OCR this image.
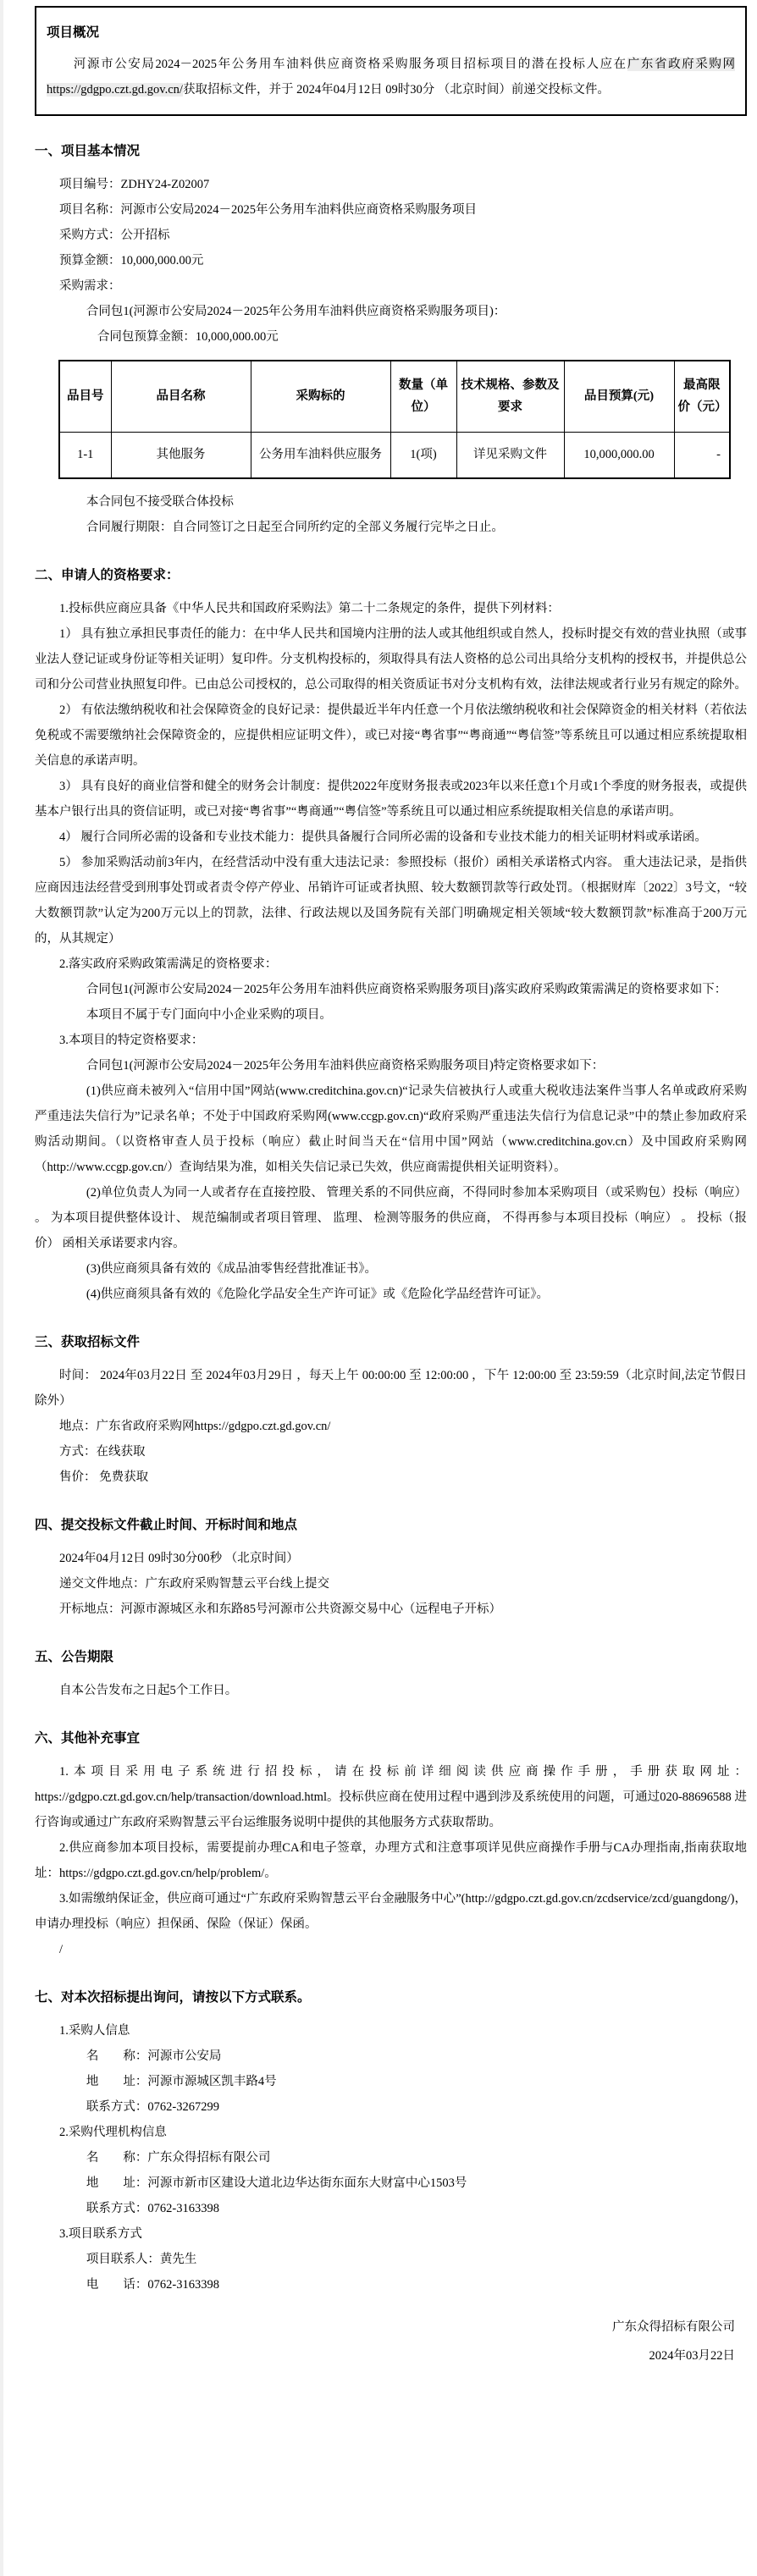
项目概况

河源市公安局2024－2025年公务用车油料供应商资格采购服务项目招标项目的潜在投标人应在广东省政府采购网https://gdgpo.czt.gd.gov.cn/获取招标文件，并于 2024年04月12日 09时30分 （北京时间）前递交投标文件。

一、项目基本情况

项目编号：ZDHY24-Z02007

项目名称：河源市公安局2024－2025年公务用车油料供应商资格采购服务项目

采购方式：公开招标

预算金额：10,000,000.00元

采购需求：

合同包1(河源市公安局2024－2025年公务用车油料供应商资格采购服务项目)：

合同包预算金额：10,000,000.00元

品目号	品目名称	采购标的	数量（单位）	技术规格、参数及要求	品目预算(元)	最高限价（元）
1-1	其他服务	公务用车油料供应服务	1(项)	详见采购文件	10,000,000.00	-

本合同包不接受联合体投标

合同履行期限：自合同签订之日起至合同所约定的全部义务履行完毕之日止。

二、申请人的资格要求：

1.投标供应商应具备《中华人民共和国政府采购法》第二十二条规定的条件，提供下列材料：

1） 具有独立承担民事责任的能力：在中华人民共和国境内注册的法人或其他组织或自然人，投标时提交有效的营业执照（或事业法人登记证或身份证等相关证明）复印件。分支机构投标的，须取得具有法人资格的总公司出具给分支机构的授权书，并提供总公司和分公司营业执照复印件。已由总公司授权的，总公司取得的相关资质证书对分支机构有效，法律法规或者行业另有规定的除外。

2） 有依法缴纳税收和社会保障资金的良好记录：提供最近半年内任意一个月依法缴纳税收和社会保障资金的相关材料（若依法免税或不需要缴纳社会保障资金的，应提供相应证明文件），或已对接“粤省事”“粤商通”“粤信签”等系统且可以通过相应系统提取相关信息的承诺声明。

3） 具有良好的商业信誉和健全的财务会计制度：提供2022年度财务报表或2023年以来任意1个月或1个季度的财务报表，或提供基本户银行出具的资信证明，或已对接“粤省事”“粤商通”“粤信签”等系统且可以通过相应系统提取相关信息的承诺声明。

4） 履行合同所必需的设备和专业技术能力：提供具备履行合同所必需的设备和专业技术能力的相关证明材料或承诺函。

5） 参加采购活动前3年内，在经营活动中没有重大违法记录：参照投标（报价）函相关承诺格式内容。 重大违法记录，是指供应商因违法经营受到刑事处罚或者责令停产停业、吊销许可证或者执照、较大数额罚款等行政处罚。（根据财库〔2022〕3号文，“较大数额罚款”认定为200万元以上的罚款，法律、行政法规以及国务院有关部门明确规定相关领域“较大数额罚款”标准高于200万元的，从其规定）

2.落实政府采购政策需满足的资格要求：

合同包1(河源市公安局2024－2025年公务用车油料供应商资格采购服务项目)落实政府采购政策需满足的资格要求如下：

本项目不属于专门面向中小企业采购的项目。

3.本项目的特定资格要求：

合同包1(河源市公安局2024－2025年公务用车油料供应商资格采购服务项目)特定资格要求如下：

(1)供应商未被列入“信用中国”网站(www.creditchina.gov.cn)“记录失信被执行人或重大税收违法案件当事人名单或政府采购严重违法失信行为”记录名单；不处于中国政府采购网(www.ccgp.gov.cn)“政府采购严重违法失信行为信息记录”中的禁止参加政府采购活动期间。（以资格审查人员于投标（响应）截止时间当天在“信用中国”网站（www.creditchina.gov.cn）及中国政府采购网（http://www.ccgp.gov.cn/）查询结果为准，如相关失信记录已失效，供应商需提供相关证明资料）。

(2)单位负责人为同一人或者存在直接控股、 管理关系的不同供应商，不得同时参加本采购项目（或采购包）投标（响应） 。 为本项目提供整体设计、 规范编制或者项目管理、 监理、 检测等服务的供应商， 不得再参与本项目投标（响应） 。 投标（报价） 函相关承诺要求内容。

(3)供应商须具备有效的《成品油零售经营批准证书》。

(4)供应商须具备有效的《危险化学品安全生产许可证》或《危险化学品经营许可证》。

三、获取招标文件

时间： 2024年03月22日 至 2024年03月29日 ，每天上午 00:00:00 至 12:00:00 ，下午 12:00:00 至 23:59:59（北京时间,法定节假日除外）

地点：广东省政府采购网https://gdgpo.czt.gd.gov.cn/

方式：在线获取

售价： 免费获取

四、提交投标文件截止时间、开标时间和地点

2024年04月12日 09时30分00秒 （北京时间）

递交文件地点：广东政府采购智慧云平台线上提交

开标地点：河源市源城区永和东路85号河源市公共资源交易中心（远程电子开标）

五、公告期限

自本公告发布之日起5个工作日。

六、其他补充事宜

1.本项目采用电子系统进行招投标，请在投标前详细阅读供应商操作手册，手册获取网址：https://gdgpo.czt.gd.gov.cn/help/transaction/download.html。投标供应商在使用过程中遇到涉及系统使用的问题，可通过020-88696588 进行咨询或通过广东政府采购智慧云平台运维服务说明中提供的其他服务方式获取帮助。

2.供应商参加本项目投标，需要提前办理CA和电子签章，办理方式和注意事项详见供应商操作手册与CA办理指南,指南获取地址：https://gdgpo.czt.gd.gov.cn/help/problem/。

3.如需缴纳保证金，供应商可通过“广东政府采购智慧云平台金融服务中心”(http://gdgpo.czt.gd.gov.cn/zcdservice/zcd/guangdong/)，申请办理投标（响应）担保函、保险（保证）保函。

/

七、对本次招标提出询问，请按以下方式联系。

1.采购人信息

名　　称：河源市公安局

地　　址：河源市源城区凯丰路4号

联系方式：0762-3267299

2.采购代理机构信息

名　　称：广东众得招标有限公司

地　　址：河源市新市区建设大道北边华达街东面东大财富中心1503号

联系方式：0762-3163398

3.项目联系方式

项目联系人：黄先生

电　　话：0762-3163398

广东众得招标有限公司
2024年03月22日
